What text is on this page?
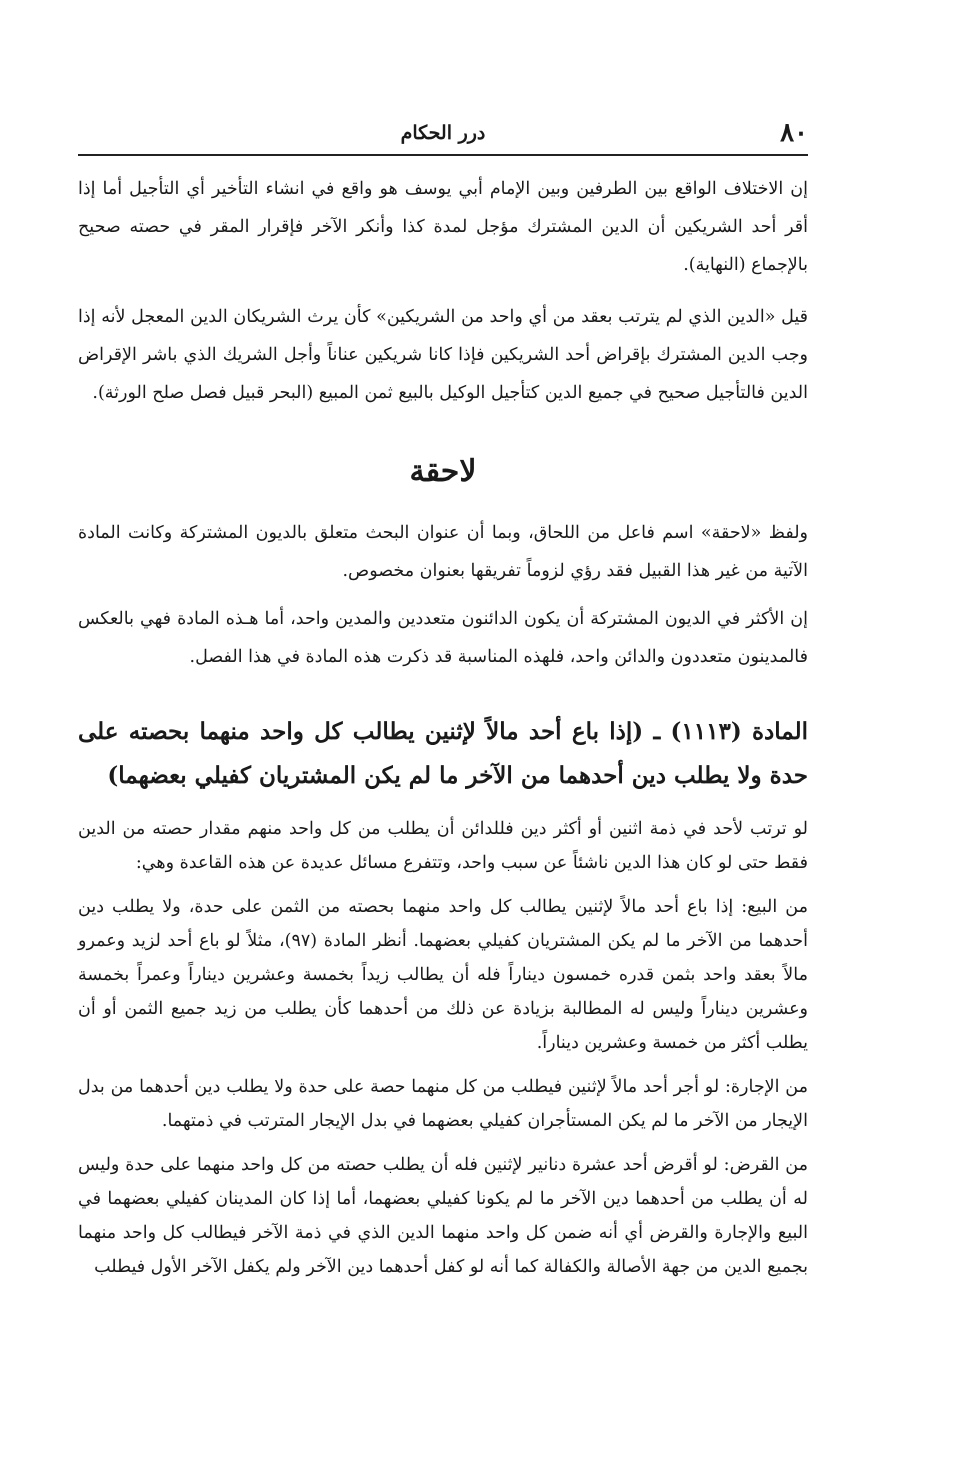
٨٠
درر الحكام

إن الاختلاف الواقع بين الطرفين وبين الإمام أبي يوسف هو واقع في انشاء التأخير أي التأجيل أما إذا أقر أحد الشريكين أن الدين المشترك مؤجل لمدة كذا وأنكر الآخر فإقرار المقر في حصته صحيح بالإجماع (النهاية).

قيل «الدين الذي لم يترتب بعقد من أي واحد من الشريكين» كأن يرث الشريكان الدين المعجل لأنه إذا وجب الدين المشترك بإقراض أحد الشريكين فإذا كانا شريكين عناناً وأجل الشريك الذي باشر الإقراض الدين فالتأجيل صحيح في جميع الدين كتأجيل الوكيل بالبيع ثمن المبيع (البحر قبيل فصل صلح الورثة).

لاحقة

ولفظ «لاحقة» اسم فاعل من اللحاق، وبما أن عنوان البحث متعلق بالديون المشتركة وكانت المادة الآتية من غير هذا القبيل فقد رؤي لزوماً تفريقها بعنوان مخصوص.

إن الأكثر في الديون المشتركة أن يكون الدائنون متعددين والمدين واحد، أما هـذه المادة فهي بالعكس فالمدينون متعددون والدائن واحد، فلهذه المناسبة قد ذكرت هذه المادة في هذا الفصل.

المادة (١١١٣) ـ (إذا باع أحد مالاً لإثنين يطالب كل واحد منهما بحصته على حدة ولا يطلب دين أحدهما من الآخر ما لم يكن المشتريان كفيلي بعضهما)

لو ترتب لأحد في ذمة اثنين أو أكثر دين فللدائن أن يطلب من كل واحد منهم مقدار حصته من الدين فقط حتى لو كان هذا الدين ناشئاً عن سبب واحد، وتتفرع مسائل عديدة عن هذه القاعدة وهي:

من البيع: إذا باع أحد مالاً لإثنين يطالب كل واحد منهما بحصته من الثمن على حدة، ولا يطلب دين أحدهما من الآخر ما لم يكن المشتريان كفيلي بعضهما. أنظر المادة (٩٧)، مثلاً لو باع أحد لزيد وعمرو مالاً بعقد واحد بثمن قدره خمسون ديناراً فله أن يطالب زيداً بخمسة وعشرين ديناراً وعمراً بخمسة وعشرين ديناراً وليس له المطالبة بزيادة عن ذلك من أحدهما كأن يطلب من زيد جميع الثمن أو أن يطلب أكثر من خمسة وعشرين ديناراً.

من الإجارة: لو أجر أحد مالاً لإثنين فيطلب من كل منهما حصة على حدة ولا يطلب دين أحدهما من بدل الإيجار من الآخر ما لم يكن المستأجران كفيلي بعضهما في بدل الإيجار المترتب في ذمتهما.

من القرض: لو أقرض أحد عشرة دنانير لإثنين فله أن يطلب حصته من كل واحد منهما على حدة وليس له أن يطلب من أحدهما دين الآخر ما لم يكونا كفيلي بعضهما، أما إذا كان المدينان كفيلي بعضهما في البيع والإجارة والقرض أي أنه ضمن كل واحد منهما الدين الذي في ذمة الآخر فيطالب كل واحد منهما بجميع الدين من جهة الأصالة والكفالة كما أنه لو كفل أحدهما دين الآخر ولم يكفل الآخر الأول فيطلب
